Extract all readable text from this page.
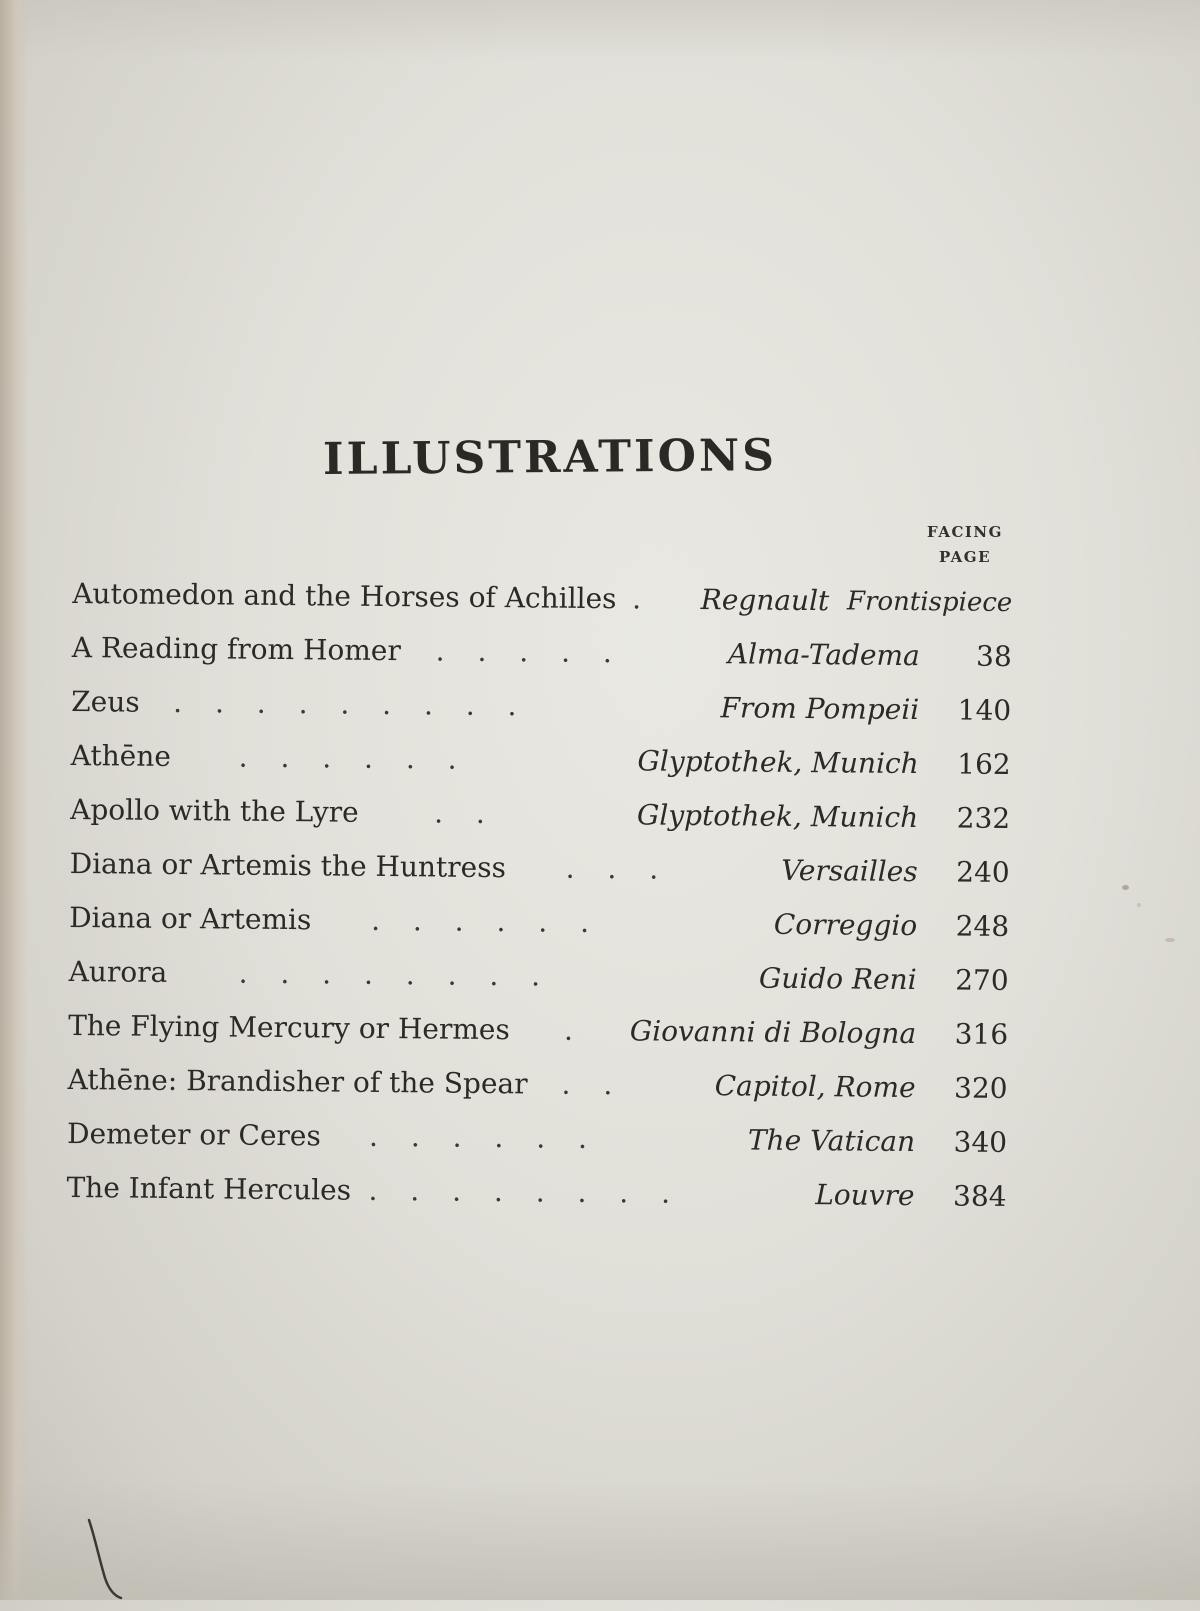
ILLUSTRATIONS
FACING
PAGE
Automedon and the Horses of Achilles .	Regnault Frontispiece
A Reading from Homer . . . . .	Alma-Tadema 38
Zeus . . . . . . . . .	From Pompeii 140
Athēne . . . . . .	Glyptothek, Munich 162
Apollo with the Lyre	. .	Glyptothek, Munich 232
Diana or Artemis the Huntress . . .	Versailles 240
Diana or Artemis . . . . . .	Correggio 248
Aurora	. . . . . . . .	Guido Reni 270
The Flying Mercury or Hermes . Giovanni di Bologna 316
Athēne: Brandisher of the Spear . .	Capitol, Rome 320
Demeter or Ceres . . . . . .	The Vatican 340
The Infant Hercules . . . . . . . .	Louvre 384
